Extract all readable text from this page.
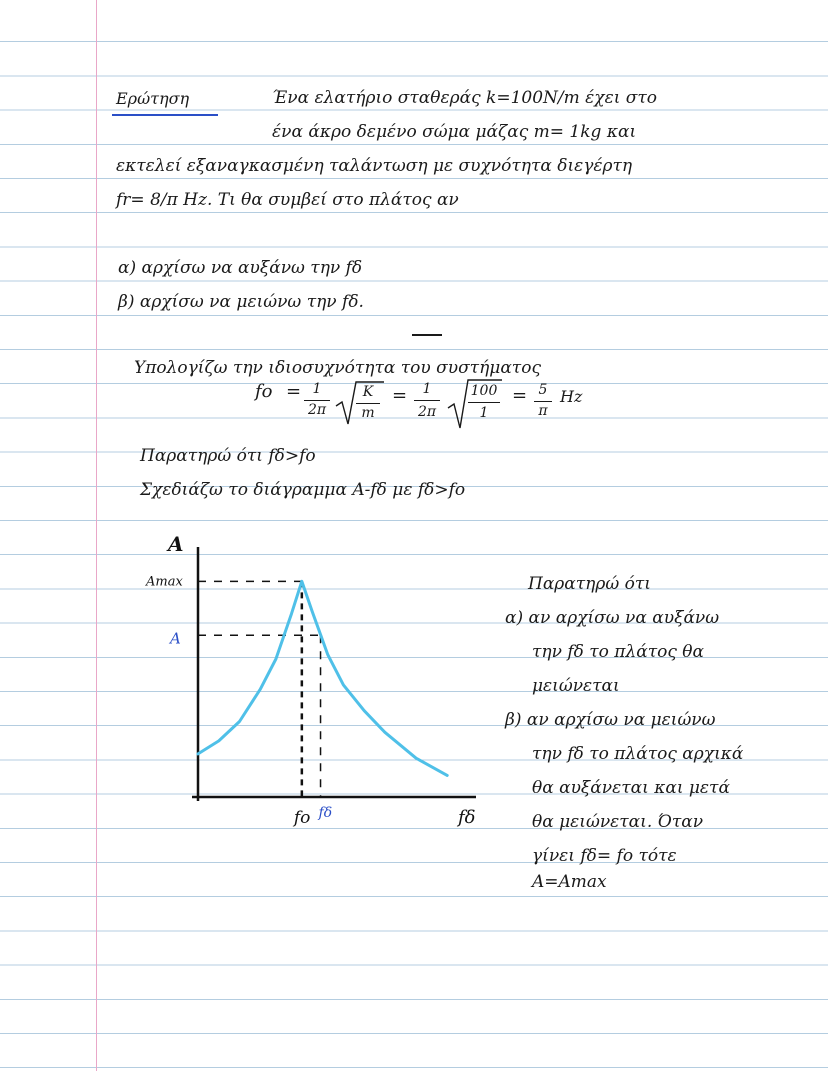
Ερώτηση	Ένα ελατήριο σταθεράς k=100N/m έχει στο
ένα άκρο δεμένο σώμα μάζας m= 1kg και
εκτελεί εξαναγκασμένη ταλάντωση με συχνότητα διεγέρτη
fr= 8/π Hz. Τι θα συμβεί στο πλάτος αν
α) αρχίσω να αυξάνω την fδ
β) αρχίσω να μειώνω την fδ.
Υπολογίζω την ιδιοσυχνότητα του συστήματος
fo = 1
2π
K
m
=	1
2π
100
1
= 5
π
Hz
Παρατηρώ ότι fδ>fo
Σχεδιάζω το διάγραμμα A-fδ με fδ>fo
A
fδ
Amax
A
fo fδ
Παρατηρώ ότι
α) αν αρχίσω να αυξάνω
την fδ το πλάτος θα
μειώνεται
β) αν αρχίσω να μειώνω
την fδ το πλάτος αρχικά
θα αυξάνεται και μετά
θα μειώνεται. Όταν
γίνει fδ= fo τότε
A=Amax
